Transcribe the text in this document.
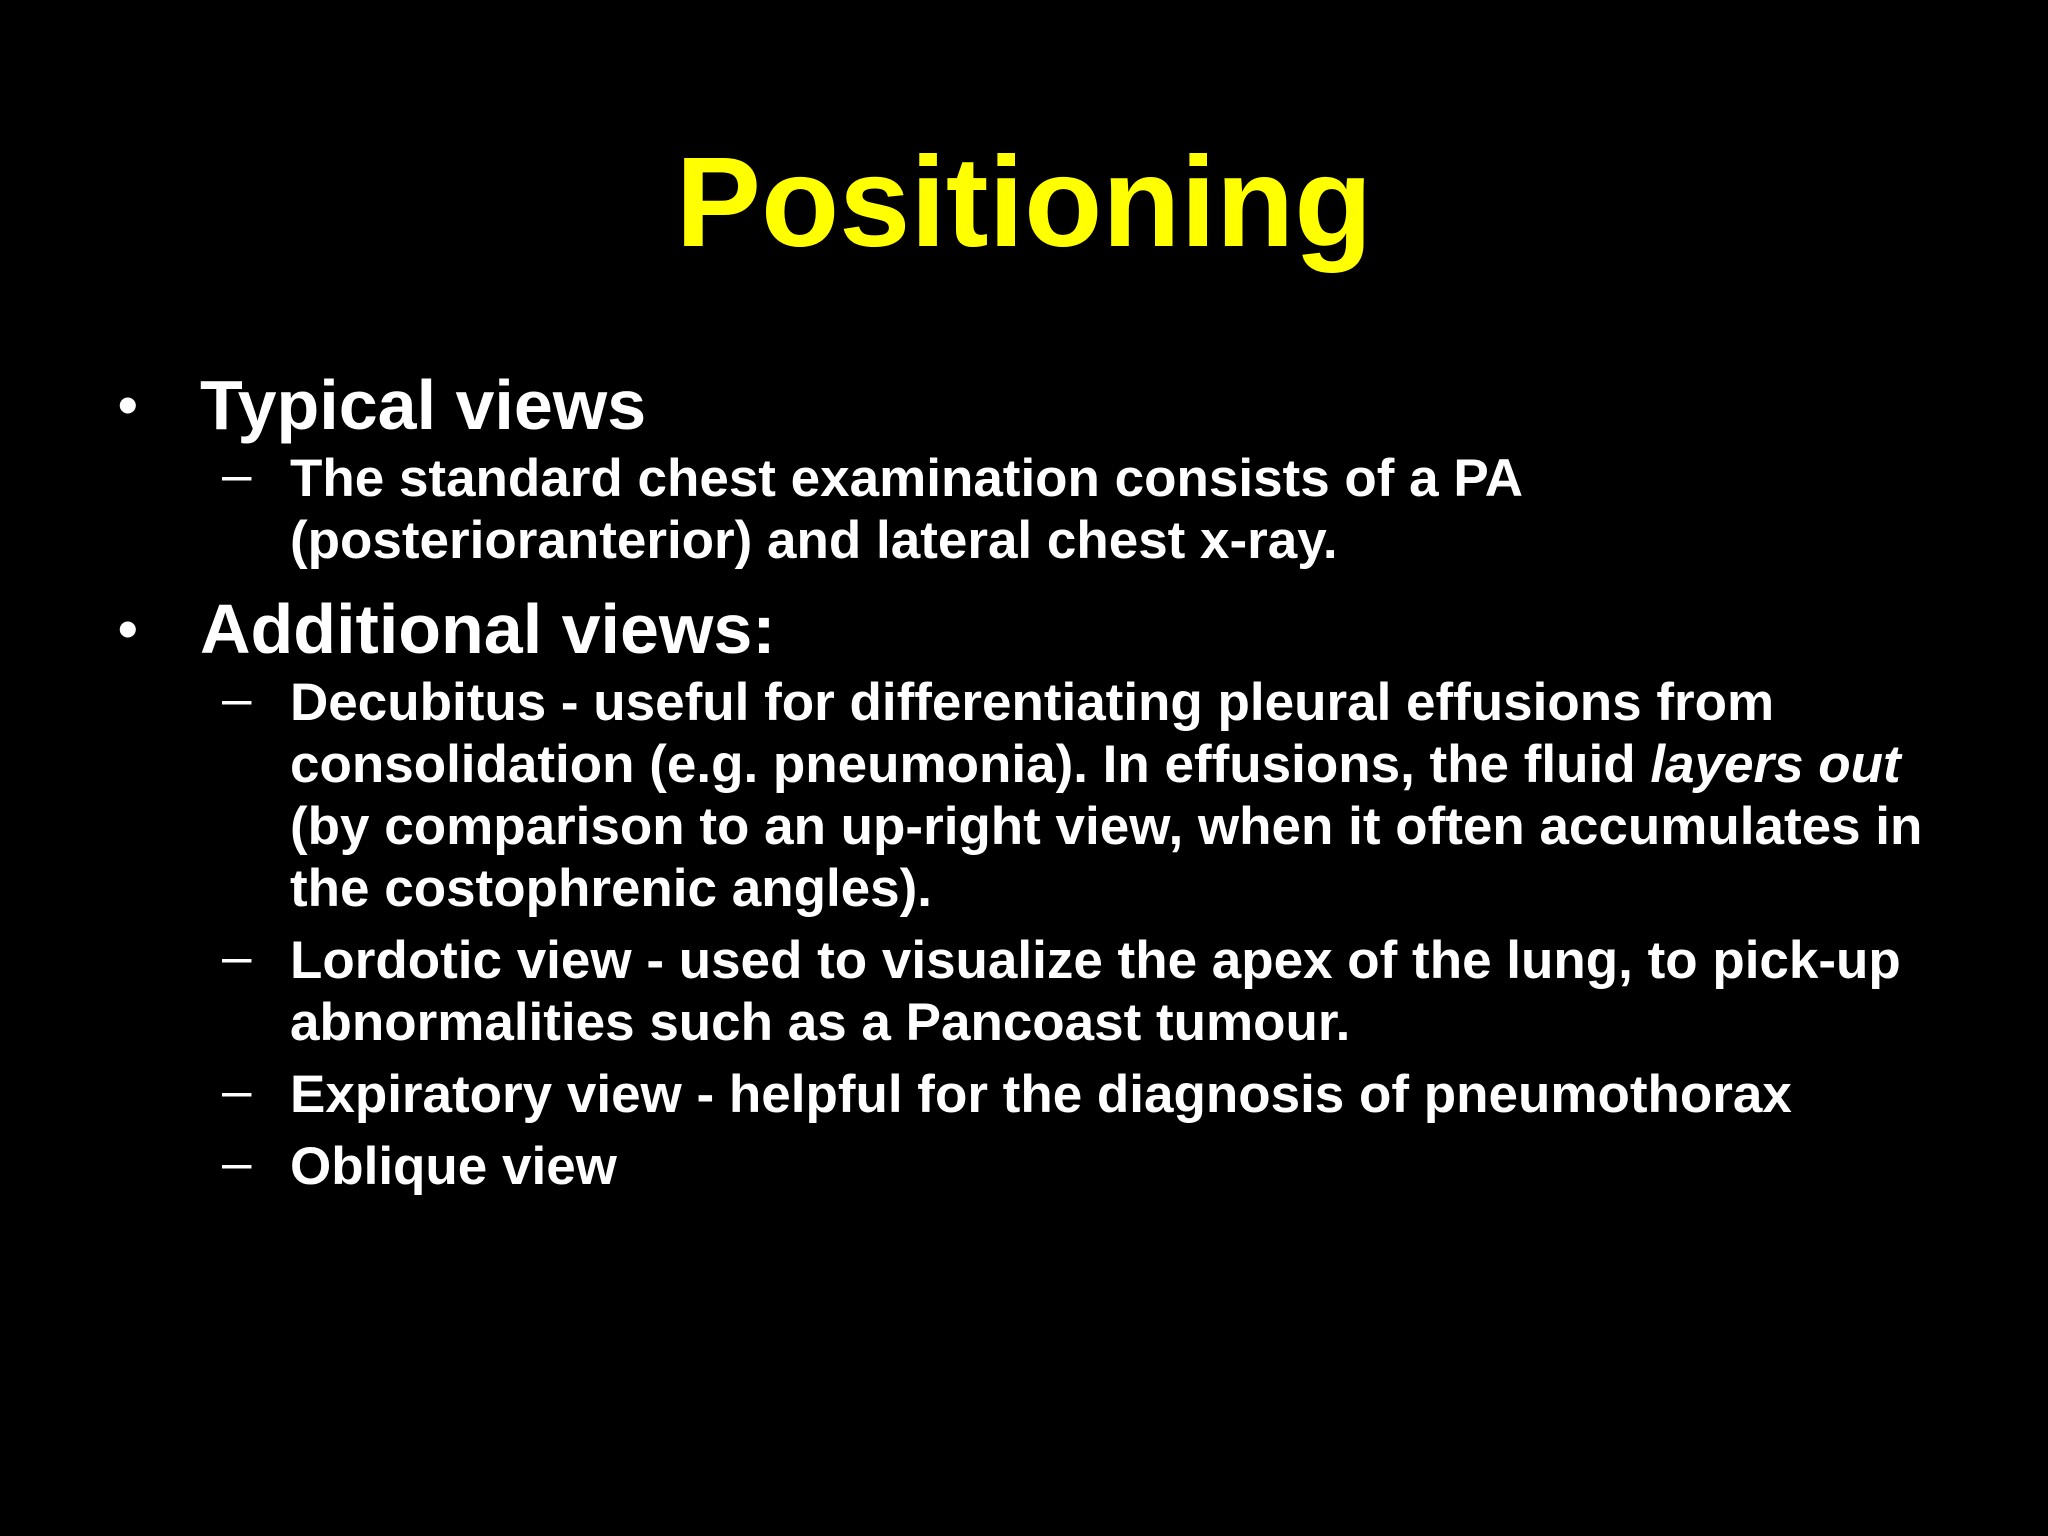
Positioning
• Typical views
– The standard chest examination consists of a PA (posterioranterior) and lateral chest x-ray.
• Additional views:
– Decubitus - useful for differentiating pleural effusions from consolidation (e.g. pneumonia). In effusions, the fluid layers out (by comparison to an up-right view, when it often accumulates in the costophrenic angles).
– Lordotic view - used to visualize the apex of the lung, to pick-up abnormalities such as a Pancoast tumour.
– Expiratory view - helpful for the diagnosis of pneumothorax
– Oblique view
